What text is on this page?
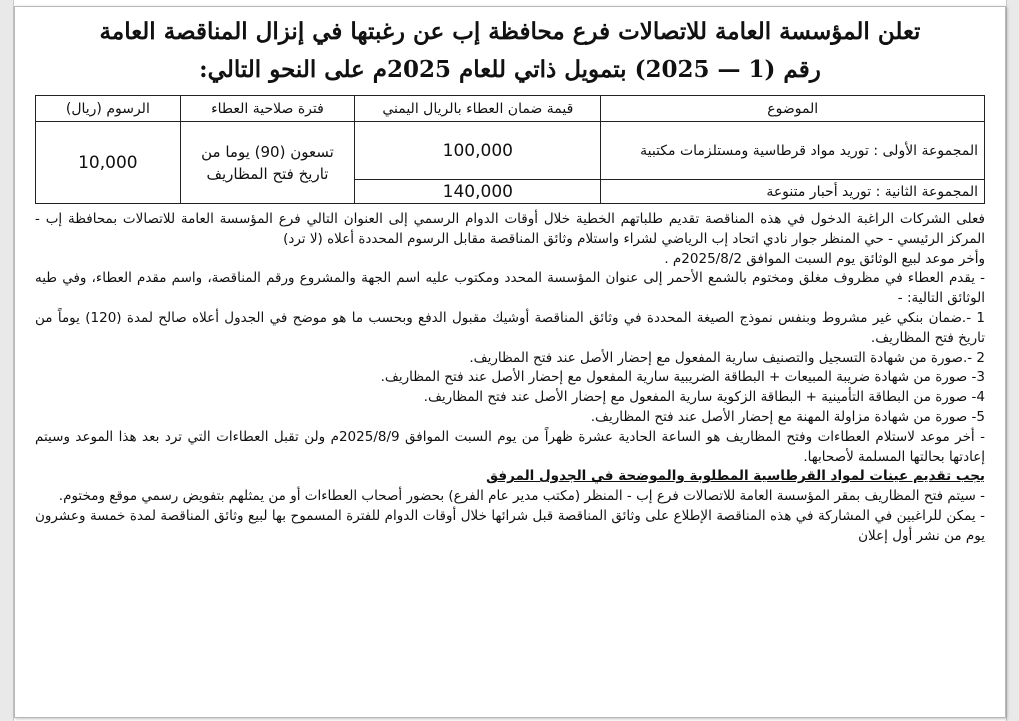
تعلن المؤسسة العامة للاتصالات فرع محافظة إب عن رغبتها في إنزال المناقصة العامة
رقم (1 — 2025) بتمويل ذاتي للعام 2025م على النحو التالي:
الموضوع	قيمة ضمان العطاء بالريال اليمني	فترة صلاحية العطاء	الرسوم (ريال)
المجموعة الأولى : توريد مواد قرطاسية ومستلزمات مكتبية	100,000	تسعون (90) يوما من تاريخ فتح المظاريف	10,000
المجموعة الثانية : توريد أحبار متنوعة	140,000		

فعلى الشركات الراغبة الدخول في هذه المناقصة تقديم طلباتهم الخطية خلال أوقات الدوام الرسمي إلى العنوان التالي فرع المؤسسة العامة للاتصالات بمحافظة إب - المركز الرئيسي - حي المنظر جوار نادي اتحاد إب الرياضي لشراء واستلام وثائق المناقصة مقابل الرسوم المحددة أعلاه (لا ترد)

وأخر موعد لبيع الوثائق يوم السبت الموافق 2025/8/2م .

- يقدم العطاء في مظروف مغلق ومختوم بالشمع الأحمر إلى عنوان المؤسسة المحدد ومكتوب عليه اسم الجهة والمشروع ورقم المناقصة، واسم مقدم العطاء، وفي طيه الوثائق التالية: -

1 -.ضمان بنكي غير مشروط وبنفس نموذج الصيغة المحددة في وثائق المناقصة أوشيك مقبول الدفع وبحسب ما هو موضح في الجدول أعلاه صالح لمدة (120) يوماً من تاريخ فتح المظاريف.

2 -.صورة من شهادة التسجيل والتصنيف سارية المفعول مع إحضار الأصل عند فتح المظاريف.

3- صورة من شهادة ضريبة المبيعات + البطاقة الضريبية سارية المفعول مع إحضار الأصل عند فتح المظاريف.

4- صورة من البطاقة التأمينية + البطاقة الزكوية سارية المفعول مع إحضار الأصل عند فتح المظاريف.

5- صورة من شهادة مزاولة المهنة مع إحضار الأصل عند فتح المظاريف.

- أخر موعد لاستلام العطاءات وفتح المظاريف هو الساعة الحادية عشرة ظهراً من يوم السبت الموافق 2025/8/9م ولن تقبل العطاءات التي ترد بعد هذا الموعد وسيتم إعادتها بحالتها المسلمة لأصحابها.

يجب تقديم عينات لمواد القرطاسية المطلوبة والموضحة في الجدول المرفق

- سيتم فتح المظاريف بمقر المؤسسة العامة للاتصالات فرع إب - المنظر (مكتب مدير عام الفرع) بحضور أصحاب العطاءات أو من يمثلهم بتفويض رسمي موقع ومختوم.

- يمكن للراغبين في المشاركة في هذه المناقصة الإطلاع على وثائق المناقصة قبل شرائها خلال أوقات الدوام للفترة المسموح بها لبيع وثائق المناقصة لمدة خمسة وعشرون يوم من نشر أول إعلان
